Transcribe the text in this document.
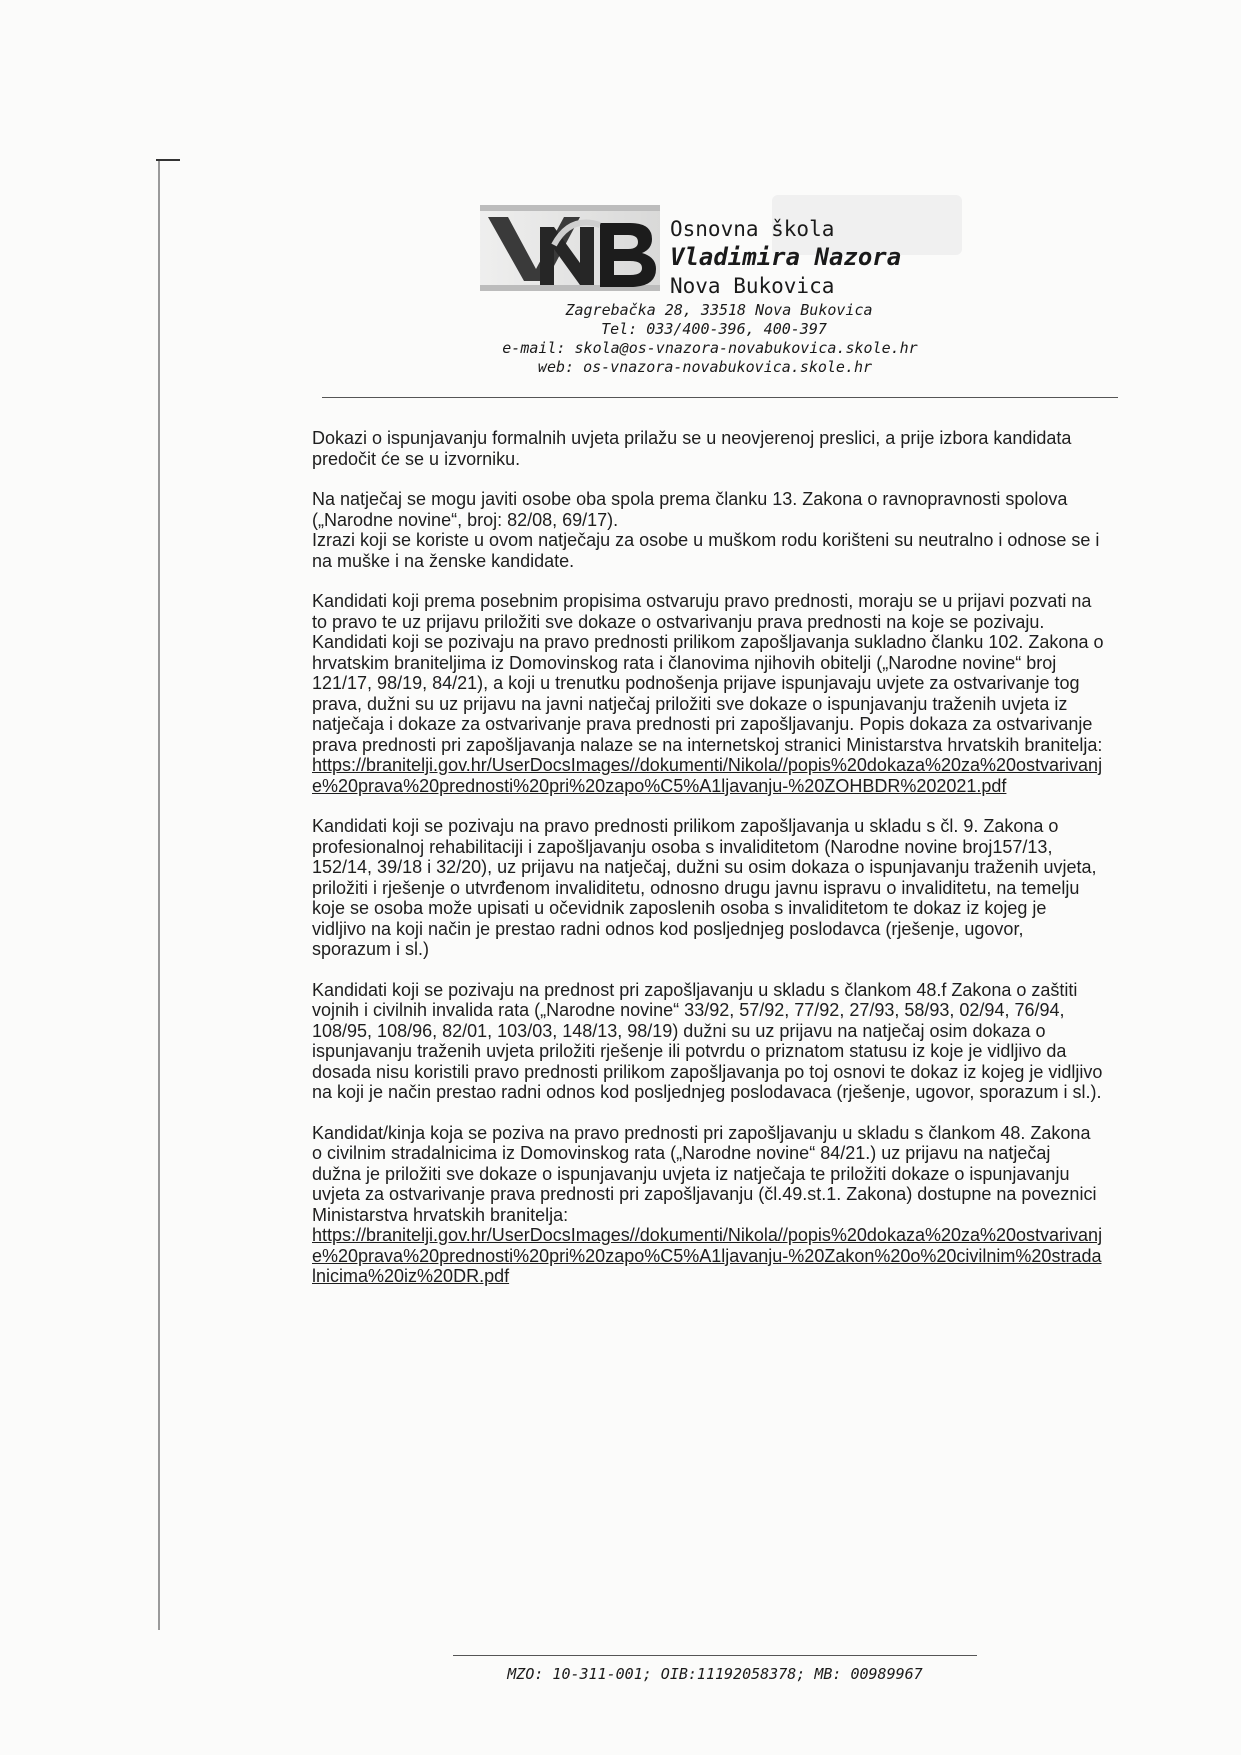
Osnovna škola
Vladimira Nazora
Nova Bukovica
Zagrebačka 28, 33518 Nova Bukovica
Tel: 033/400-396, 400-397
e-mail: skola@os-vnazora-novabukovica.skole.hr
web: os-vnazora-novabukovica.skole.hr

Dokazi o ispunjavanju formalnih uvjeta prilažu se u neovjerenoj preslici, a prije izbora kandidata predočit će se u izvorniku.

Na natječaj se mogu javiti osobe oba spola prema članku 13. Zakona o ravnopravnosti spolova („Narodne novine“, broj: 82/08, 69/17).

Izrazi koji se koriste u ovom natječaju za osobe u muškom rodu korišteni su neutralno i odnose se i na muške i na ženske kandidate.

Kandidati koji prema posebnim propisima ostvaruju pravo prednosti, moraju se u prijavi pozvati na to pravo te uz prijavu priložiti sve dokaze o ostvarivanju prava prednosti na koje se pozivaju.

Kandidati koji se pozivaju na pravo prednosti prilikom zapošljavanja sukladno članku 102. Zakona o hrvatskim braniteljima iz Domovinskog rata i članovima njihovih obitelji („Narodne novine“ broj 121/17, 98/19, 84/21), a koji u trenutku podnošenja prijave ispunjavaju uvjete za ostvarivanje tog prava, dužni su uz prijavu na javni natječaj priložiti sve dokaze o ispunjavanju traženih uvjeta iz natječaja i dokaze za ostvarivanje prava prednosti pri zapošljavanju. Popis dokaza za ostvarivanje prava prednosti pri zapošljavanja nalaze se na internetskoj stranici Ministarstva hrvatskih branitelja:

https://branitelji.gov.hr/UserDocsImages//dokumenti/Nikola//popis%20dokaza%20za%20ostvarivanje%20prava%20prednosti%20pri%20zapo%C5%A1ljavanju-%20ZOHBDR%202021.pdf

Kandidati koji se pozivaju na pravo prednosti prilikom zapošljavanja u skladu s čl. 9. Zakona o profesionalnoj rehabilitaciji i zapošljavanju osoba s invaliditetom (Narodne novine broj157/13, 152/14, 39/18 i 32/20), uz prijavu na natječaj, dužni su osim dokaza o ispunjavanju traženih uvjeta, priložiti i rješenje o utvrđenom invaliditetu, odnosno drugu javnu ispravu o invaliditetu, na temelju koje se osoba može upisati u očevidnik zaposlenih osoba s invaliditetom te dokaz iz kojeg je vidljivo na koji način je prestao radni odnos kod posljednjeg poslodavca (rješenje, ugovor, sporazum i sl.)

Kandidati koji se pozivaju na prednost pri zapošljavanju u skladu s člankom 48.f Zakona o zaštiti vojnih i civilnih invalida rata („Narodne novine“ 33/92, 57/92, 77/92, 27/93, 58/93, 02/94, 76/94, 108/95, 108/96, 82/01, 103/03, 148/13, 98/19) dužni su uz prijavu na natječaj osim dokaza o ispunjavanju traženih uvjeta priložiti rješenje ili potvrdu o priznatom statusu iz koje je vidljivo da dosada nisu koristili pravo prednosti prilikom zapošljavanja po toj osnovi te dokaz iz kojeg je vidljivo na koji je način prestao radni odnos kod posljednjeg poslodavaca (rješenje, ugovor, sporazum i sl.).

Kandidat/kinja koja se poziva na pravo prednosti pri zapošljavanju u skladu s člankom 48. Zakona o civilnim stradalnicima iz Domovinskog rata („Narodne novine“ 84/21.) uz prijavu na natječaj dužna je priložiti sve dokaze o ispunjavanju uvjeta iz natječaja te priložiti dokaze o ispunjavanju uvjeta za ostvarivanje prava prednosti pri zapošljavanju (čl.49.st.1. Zakona) dostupne na poveznici Ministarstva hrvatskih branitelja:

https://branitelji.gov.hr/UserDocsImages//dokumenti/Nikola//popis%20dokaza%20za%20ostvarivanje%20prava%20prednosti%20pri%20zapo%C5%A1ljavanju-%20Zakon%20o%20civilnim%20stradalnicima%20iz%20DR.pdf
MZO: 10-311-001; OIB:11192058378; MB: 00989967
